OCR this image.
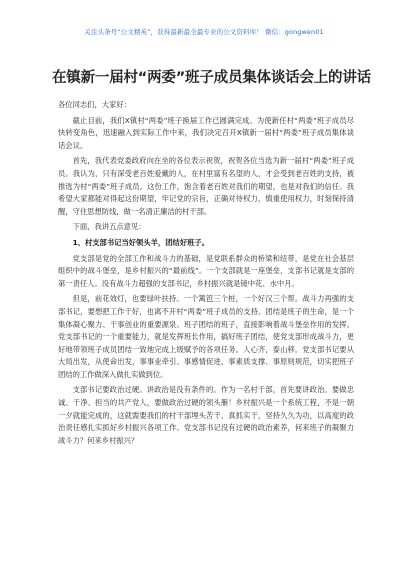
关注头条号“公文精英”，获得最新最全最专业的公文资料库！ 微信：gongwen01
在镇新一届村“两委”班子成员集体谈话会上的讲话

各位同志们，大家好：

截止目前，我们X镇村“两委”班子换届工作已圆满完成。为使新任村“两委”班子成员尽快转变角色，迅速融入到实际工作中来，我们决定召开X镇新一届村“两委”班子成员集体谈话会议。

首先，我代表党委政府向在坐的各位表示祝贺，祝贺各位当选为新一届村“两委”班子成员。我认为，只有深受老百姓爱戴的人，在村里富有名望的人，才会受到老百姓的支持，被推选为村“两委”班子成员。这份工作，饱含着老百姓对我们的期望，也是对我们的信任。我希望大家都能对得起这份期望，牢记党的宗旨，正确对待权力，慎重使用权力，时刻保持清醒，守住思想防线，做一名清正廉洁的村干部。

下面，我讲五点意见：

1、村支部书记当好领头羊，团结好班子。

党支部是党的全部工作和战斗力的基础，是党联系群众的桥梁和纽带，是党在社会基层组织中的战斗堡垒，是乡村振兴的“最前线”。一个支部就是一座堡垒，支部书记就是支部的第一责任人。没有战斗力超强的支部书记，乡村振兴就是镜中花、水中月。

但是，前花效灯，也要绿叶扶持。一个篱笆三个桩，一个好汉三个帮。战斗力再强的支部书记，要想把工作干好，也离不开村“两委”班子成员的支持。团结是班子的生命，是一个集体凝心聚力、干事创业的重要源泉。班子团结的班子，直接影响着战斗堡垒作用的发挥。党支部书记的一个重要能力，就是发挥班长作用，搞好班子团结，使党支部形成战斗力，更好地带领班子成员团结一致地完成上级赋予的各项任务。人心齐，泰山移。党支部书记要从大局出发，从使命出发，事事业牵引、事感情促进、事素质支撑、事原则规范，切实把班子团结的工作做深入做扎实做到位。

支部书记要政治过硬。讲政治是没有条件的。作为一名村干部，首先要讲政治。要做忠诚、干净、担当的共产党人，要做政治过硬的领头雁！乡村振兴是一个系统工程，不是一朝一夕就能完成的，这就需要我们的村干部埋头苦干、真抓实干，坚持久久为功，以高度的政治责任感扎实抓好乡村振兴各项工作。党支部书记没有过硬的政治素养，何来班子的凝聚力战斗力？何来乡村振兴？
